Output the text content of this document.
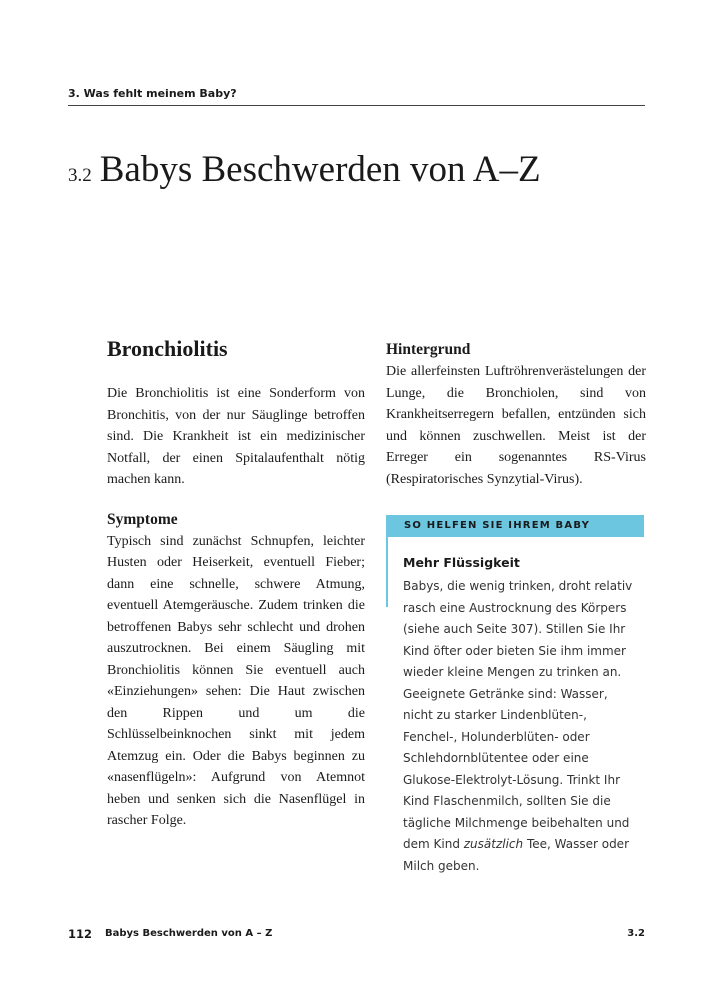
3. Was fehlt meinem Baby?
3.2 Babys Beschwerden von A–Z
Bronchiolitis

Die Bronchiolitis ist eine Sonderform von Bronchitis, von der nur Säuglinge betroffen sind. Die Krankheit ist ein medizinischer Notfall, der einen Spitalaufenthalt nötig machen kann.

Symptome

Typisch sind zunächst Schnupfen, leichter Husten oder Heiserkeit, eventuell Fieber; dann eine schnelle, schwere Atmung, eventuell Atemgeräusche. Zudem trinken die betroffenen Babys sehr schlecht und drohen auszutrocknen. Bei einem Säugling mit Bronchiolitis können Sie eventuell auch «Einziehungen» sehen: Die Haut zwischen den Rippen und um die Schlüsselbeinknochen sinkt mit jedem Atemzug ein. Oder die Babys beginnen zu «nasenflügeln»: Aufgrund von Atemnot heben und senken sich die Nasenflügel in rascher Folge.

Hintergrund

Die allerfeinsten Luftröhrenverästelungen der Lunge, die Bronchiolen, sind von Krankheitserregern befallen, entzünden sich und können zuschwellen. Meist ist der Erreger ein sogenanntes RS-Virus (Respiratorisches Synzytial-Virus).

SO HELFEN SIE IHREM BABY
Mehr Flüssigkeit

Babys, die wenig trinken, droht relativ rasch eine Austrocknung des Körpers (siehe auch Seite 307). Stillen Sie Ihr Kind öfter oder bieten Sie ihm immer wieder kleine Mengen zu trinken an. Geeignete Getränke sind: Wasser, nicht zu starker Lindenblüten-, Fenchel-, Holunderblüten- oder Schlehdornblütentee oder eine Glukose-Elektrolyt-Lösung. Trinkt Ihr Kind Flaschenmilch, sollten Sie die tägliche Milchmenge beibehalten und dem Kind zusätzlich Tee, Wasser oder Milch geben.

112 Babys Beschwerden von A – Z	3.2
